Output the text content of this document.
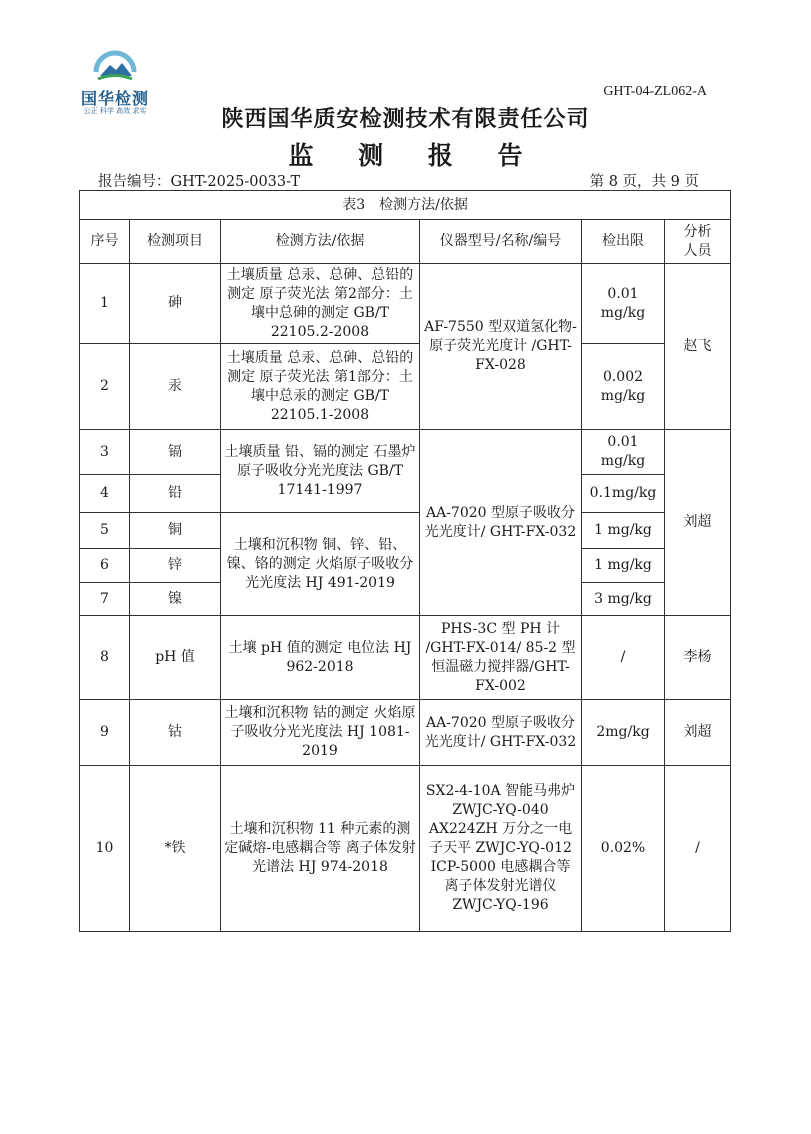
国华检测
公正 科学 高效 求实
GHT-04-ZL062-A
陕西国华质安检测技术有限责任公司
监 测 报 告
报告编号：GHT-2025-0033-T	第 8 页，共 9 页
表3　检测方法/依据					
序号	检测项目	检测方法/依据	仪器型号/名称/编号	检出限	分析人员
1	砷	土壤质量 总汞、总砷、总铅的测定 原子荧光法 第2部分：土壤中总砷的测定 GB/T 22105.2-2008	AF-7550 型双道氢化物-原子荧光光度计 /GHT-FX-028	0.01 mg/kg	赵飞
2	汞	土壤质量 总汞、总砷、总铅的测定 原子荧光法 第1部分：土壤中总汞的测定 GB/T 22105.1-2008		0.002 mg/kg	
3	镉	土壤质量 铅、镉的测定 石墨炉原子吸收分光光度法 GB/T 17141-1997	AA-7020 型原子吸收分光光度计/ GHT-FX-032	0.01 mg/kg	刘超
4	铅			0.1mg/kg	
5	铜	土壤和沉积物 铜、锌、铅、镍、铬的测定 火焰原子吸收分光光度法 HJ 491-2019		1 mg/kg	
6	锌			1 mg/kg	
7	镍			3 mg/kg	
8	pH 值	土壤 pH 值的测定 电位法 HJ 962-2018	PHS-3C 型 PH 计 /GHT-FX-014/ 85-2 型恒温磁力搅拌器/GHT-FX-002	/	李杨
9	钴	土壤和沉积物 钴的测定 火焰原子吸收分光光度法 HJ 1081-2019	AA-7020 型原子吸收分光光度计/ GHT-FX-032	2mg/kg	刘超
10	*铁	土壤和沉积物 11 种元素的测定碱熔-电感耦合等 离子体发射光谱法 HJ 974-2018	SX2-4-10A 智能马弗炉 ZWJC-YQ-040 AX224ZH 万分之一电子天平 ZWJC-YQ-012 ICP-5000 电感耦合等 离子体发射光谱仪 ZWJC-YQ-196	0.02%	/
